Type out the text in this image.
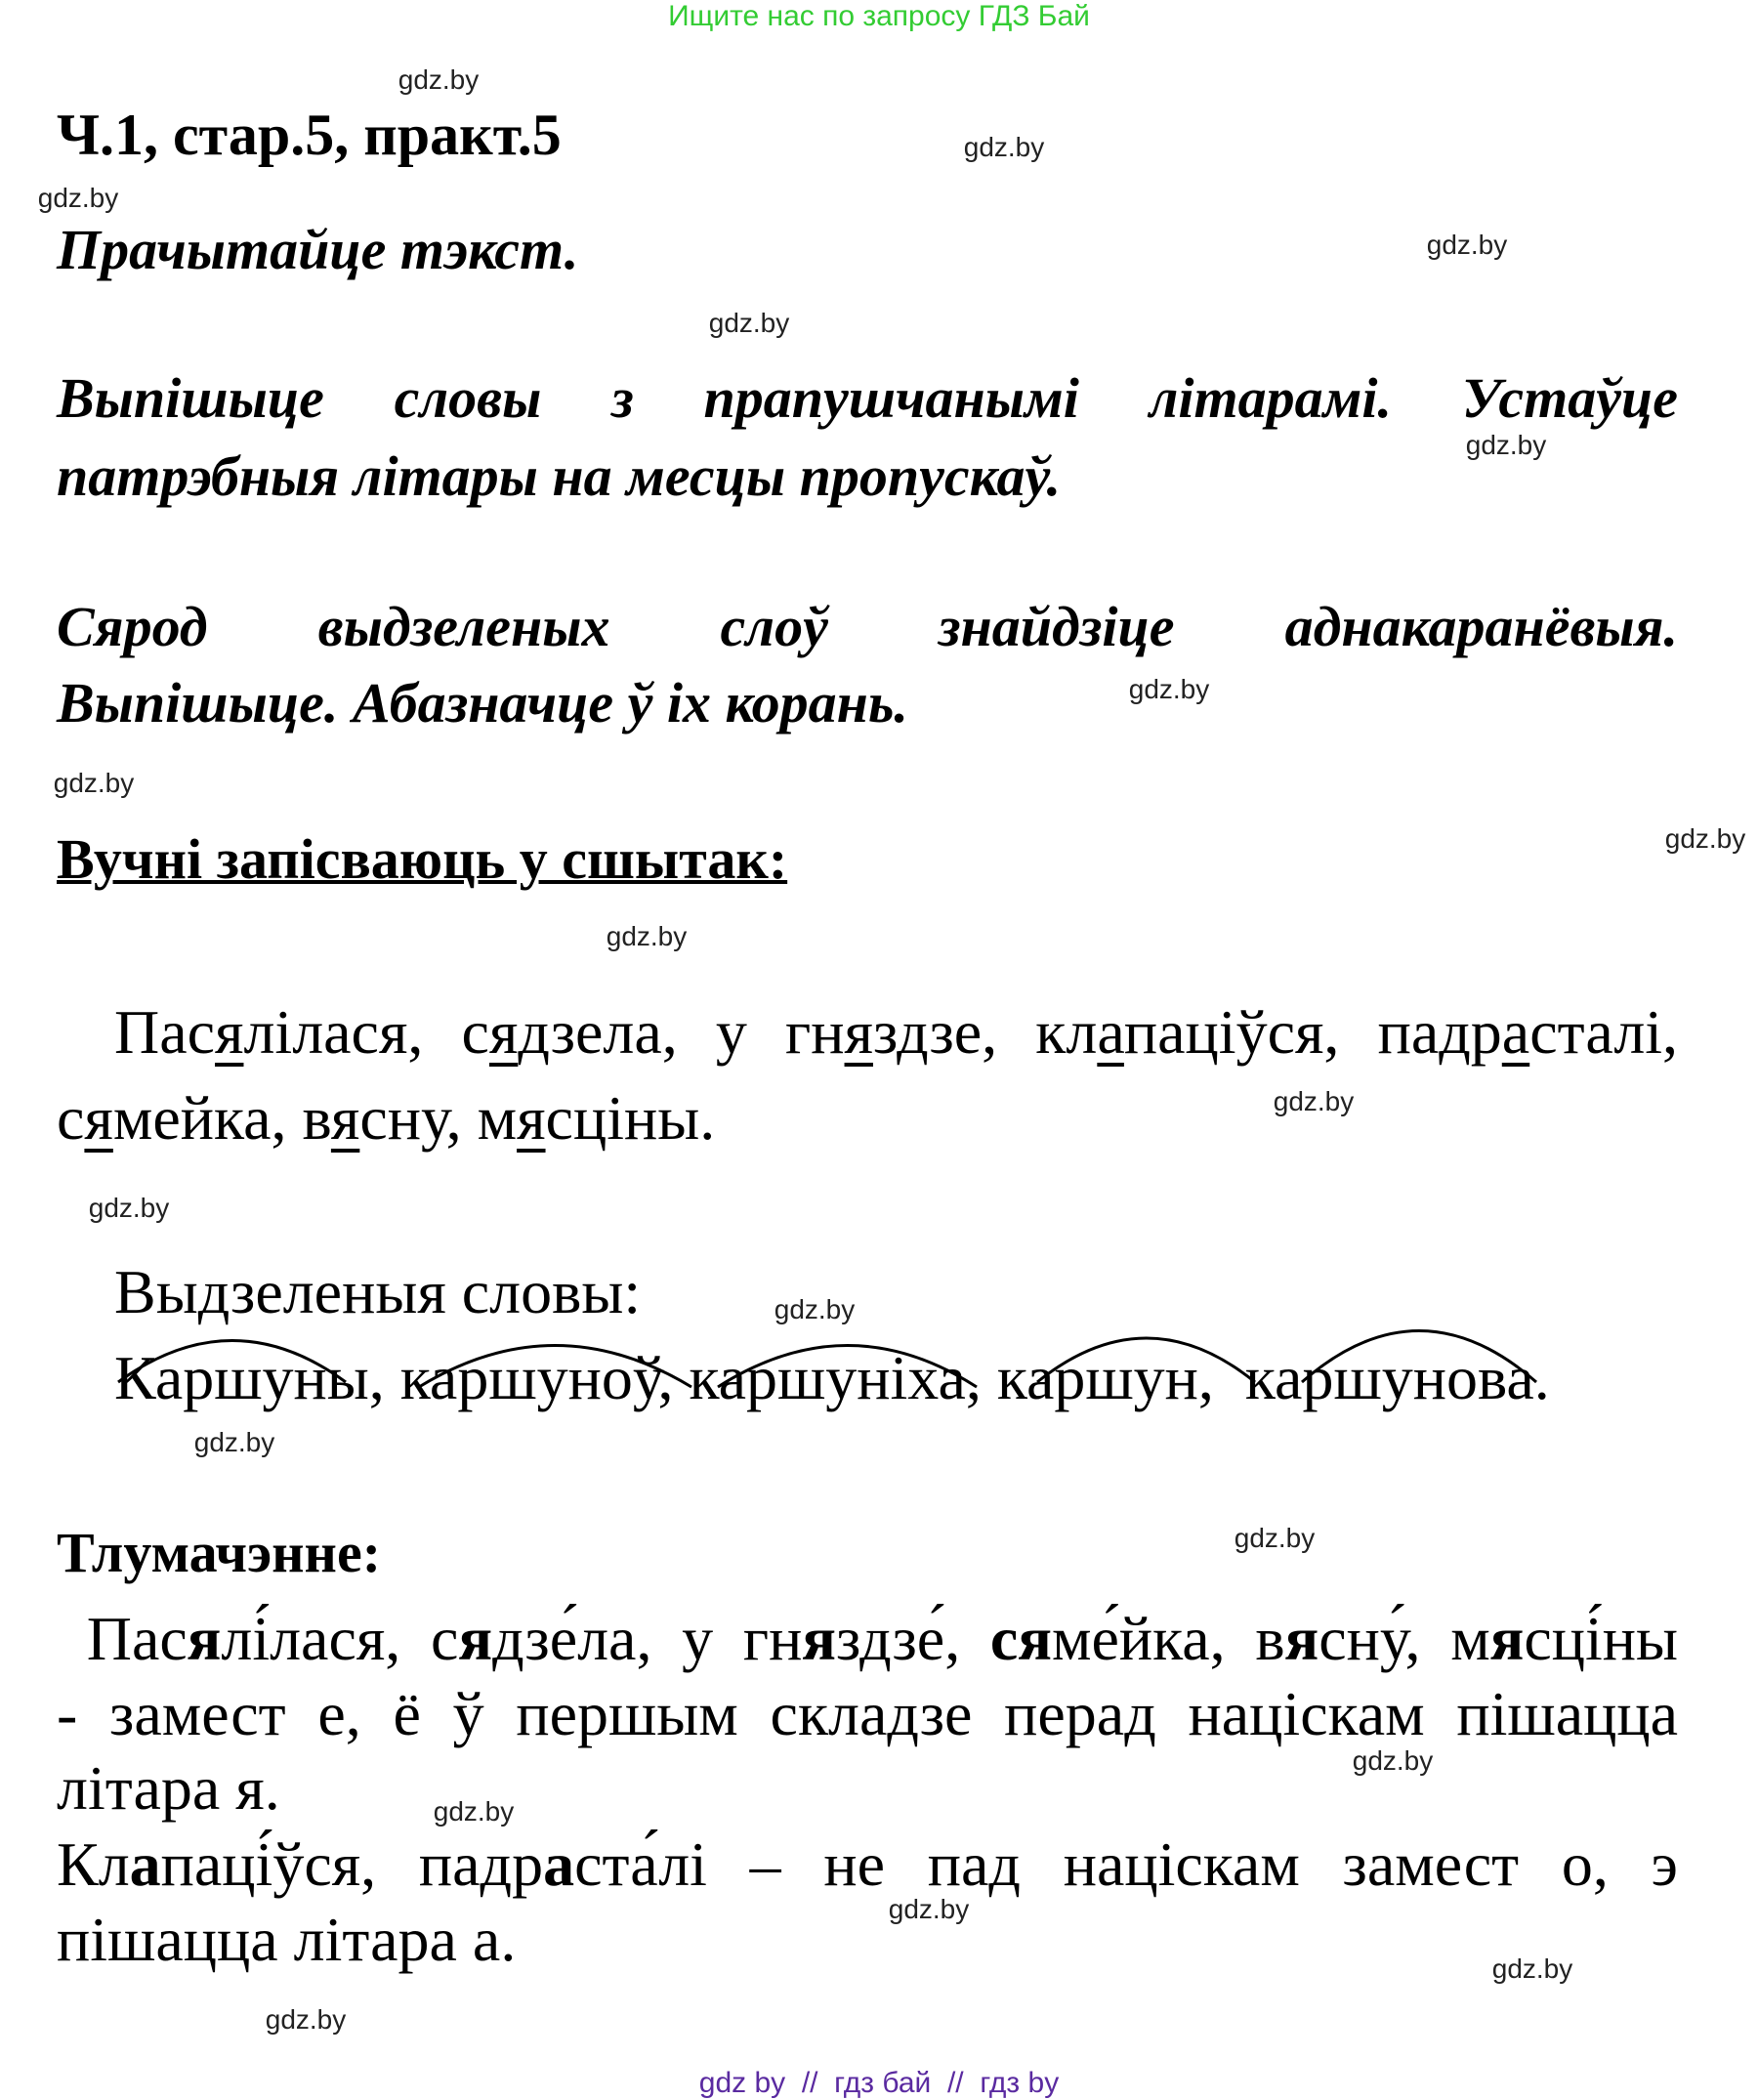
Ищите нас по запросу ГДЗ Бай
Ч.1, стар.5, практ.5
Прачытайце тэкст.
Выпішыце словы з прапушчанымі літарамі. Устаўце
патрэбныя літары на месцы пропускаў.
Сярод выдзеленых слоў знайдзіце аднакаранёвыя.
Выпішыце. Абазначце ў іх корань.
Вучні запісваюць у сшытак:
Пасялілася, сядзела, у гняздзе, клапаціўся, падрасталі,
сямейка, вясну, мясціны.
Выдзеленыя словы:
Каршуны, каршуноў, каршуніха, каршун,  каршунова.
Тлумачэнне:
Пасялі́лася, сядзе́ла, у гняздзе́, сяме́йка, вясну́, мясці́ны
- замест е, ё ў першым складзе перад націскам пішацца
літара я.
Клапаці́ўся, падраста́лі – не пад націскам замест о, э
пішацца літара а.
gdz.by
gdz.by
gdz.by
gdz.by
gdz.by
gdz.by
gdz.by
gdz.by
gdz.by
gdz.by
gdz.by
gdz.by
gdz.by
gdz.by
gdz.by
gdz.by
gdz.by
gdz.by
gdz.by
gdz.by
gdz by  //  гдз бай  //  гдз by
